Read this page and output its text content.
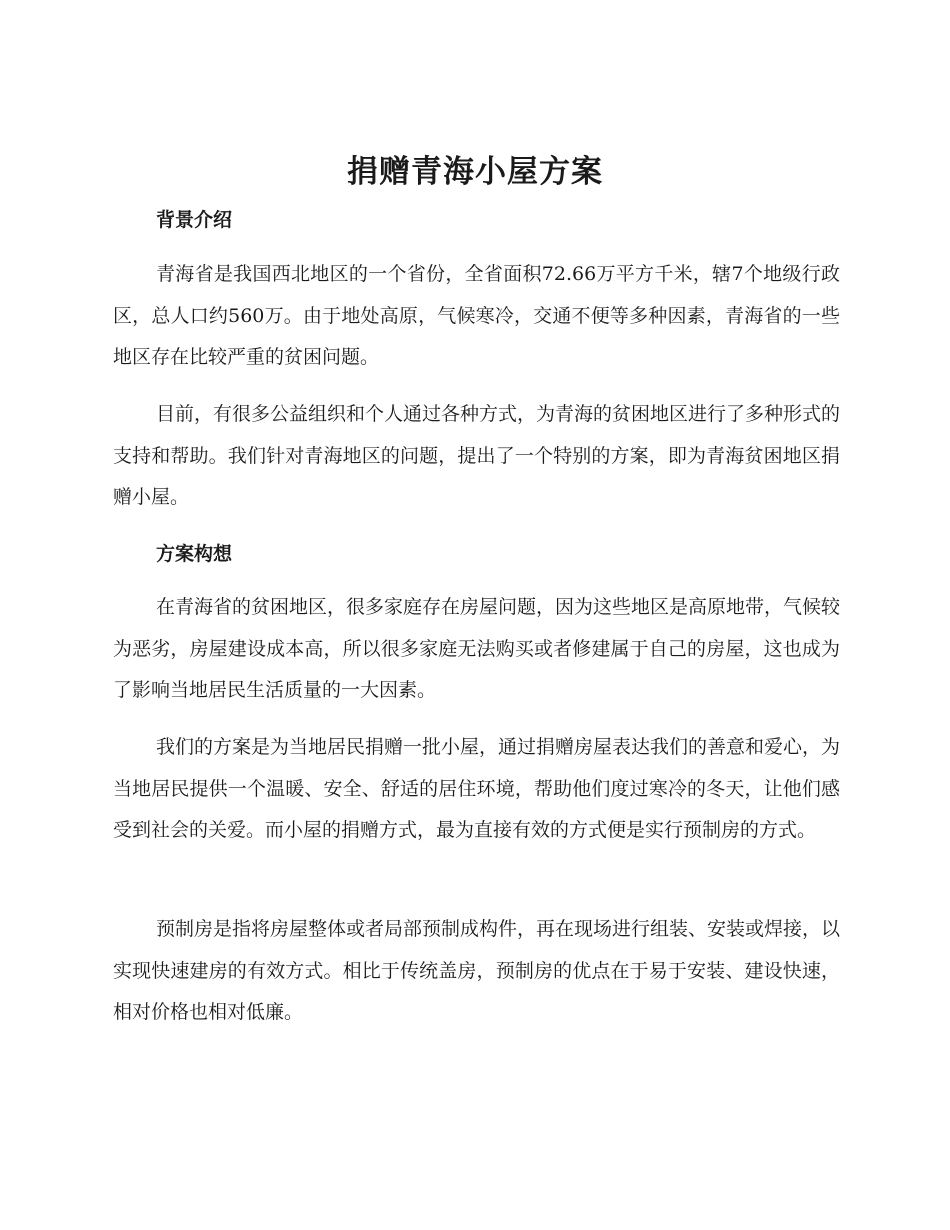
捐赠青海小屋方案
背景介绍

青海省是我国西北地区的一个省份，全省面积72.66万平方千米，辖7个地级行政区，总人口约560万。由于地处高原，气候寒冷，交通不便等多种因素，青海省的一些地区存在比较严重的贫困问题。

目前，有很多公益组织和个人通过各种方式，为青海的贫困地区进行了多种形式的支持和帮助。我们针对青海地区的问题，提出了一个特别的方案，即为青海贫困地区捐赠小屋。

方案构想

在青海省的贫困地区，很多家庭存在房屋问题，因为这些地区是高原地带，气候较为恶劣，房屋建设成本高，所以很多家庭无法购买或者修建属于自己的房屋，这也成为了影响当地居民生活质量的一大因素。

我们的方案是为当地居民捐赠一批小屋，通过捐赠房屋表达我们的善意和爱心，为当地居民提供一个温暖、安全、舒适的居住环境，帮助他们度过寒冷的冬天，让他们感受到社会的关爱。而小屋的捐赠方式，最为直接有效的方式便是实行预制房的方式。

预制房是指将房屋整体或者局部预制成构件，再在现场进行组装、安装或焊接，以实现快速建房的有效方式。相比于传统盖房，预制房的优点在于易于安装、建设快速，相对价格也相对低廉。
